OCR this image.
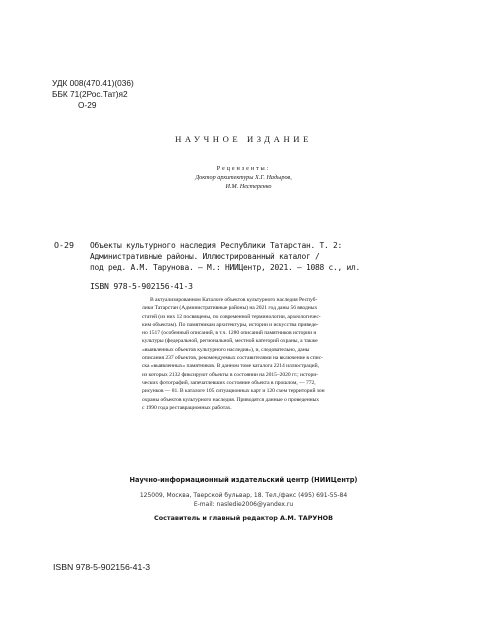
УДК 008(470.41)(036)
ББК 71(2Рос.Тат)я2
О-29
НАУЧНОЕ ИЗДАНИЕ
Рецензенты:
Доктор архитектуры Х.Г. Надыров,
И.М. Нестеренко
О-29 Объекты культурного наследия Республики Татарстан. Т. 2:
Административные районы. Иллюстрированный каталог /
под ред. А.М. Тарунова. — М.: НИИЦентр, 2021. — 1088 с., ил.
ISBN 978-5-902156-41-3
В актуализированном Каталоге объектов культурного наследия Респуб-
лики Татарстан (Административные районы) на 2021 год даны 56 вводных
статей (из них 12 посвящены, по современной терминологии, археологичес-
ким объектам). По памятникам архитектуры, истории и искусства приведе-
но 1517 (особенный описаний, в т.ч. 1280 описаний памятников истории и
культуры (федеральной, региональной, местной категорий охраны, а также
«выявленных объектов культурного наследия»), и, следовательно, даны
описания 237 объектов, рекомендуемых составителями на включение в спис-
ска «выявленных» памятников. В данном томе каталога 2214 иллюстраций,
из которых 2132 фиксируют объекты в состоянии на 2015–2020 гг.; истори-
ческих фотографий, запечатлевших состояние объекта в прошлом, — 772,
рисунков — 81. В каталоге 105 ситуационных карт и 120 схем территорий зон
охраны объектов культурного наследия. Приводятся данные о проведенных
с 1990 года реставрационных работах.
Научно-информационный издательский центр (НИИЦентр)
125009, Москва, Тверской бульвар, 18. Тел./факс (495) 691-55-84
E-mail: nasledie2006@yandex.ru
Составитель и главный редактор А.М. ТАРУНОВ
ISBN 978-5-902156-41-3
